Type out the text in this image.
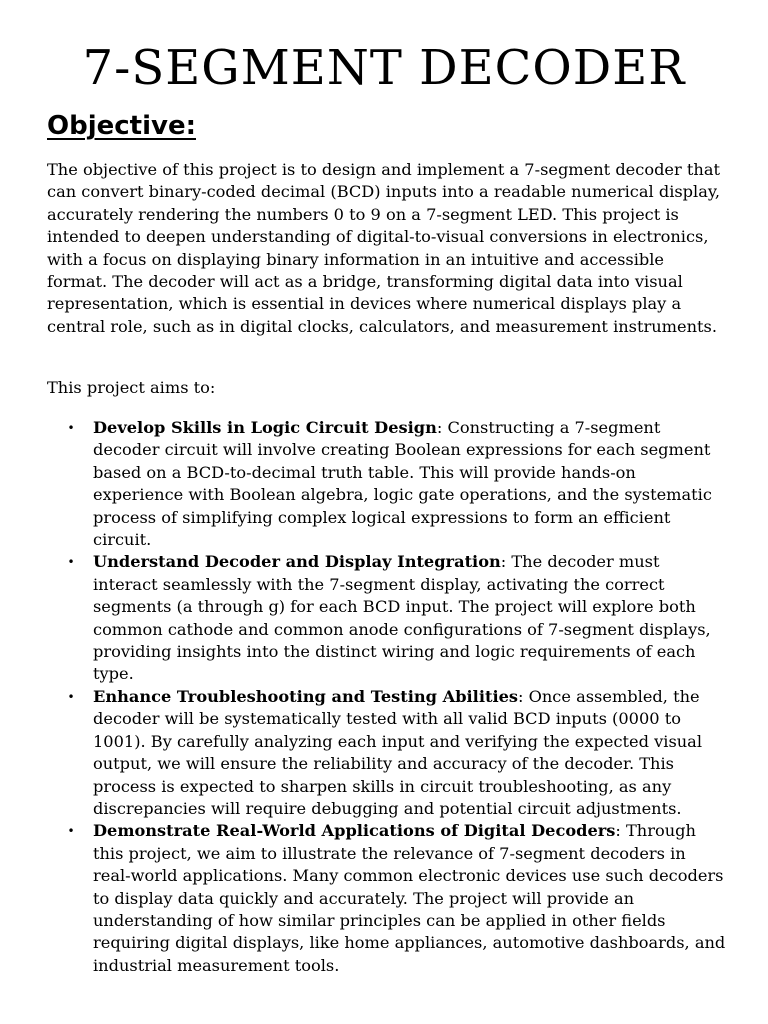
7-SEGMENT DECODER
Objective:

The objective of this project is to design and implement a 7-segment decoder that can convert binary-coded decimal (BCD) inputs into a readable numerical display, accurately rendering the numbers 0 to 9 on a 7-segment LED. This project is intended to deepen understanding of digital-to-visual conversions in electronics, with a focus on displaying binary information in an intuitive and accessible format. The decoder will act as a bridge, transforming digital data into visual representation, which is essential in devices where numerical displays play a central role, such as in digital clocks, calculators, and measurement instruments.

This project aims to:

• Develop Skills in Logic Circuit Design: Constructing a 7-segment decoder circuit will involve creating Boolean expressions for each segment based on a BCD-to-decimal truth table. This will provide hands-on experience with Boolean algebra, logic gate operations, and the systematic process of simplifying complex logical expressions to form an efficient circuit.
• Understand Decoder and Display Integration: The decoder must interact seamlessly with the 7-segment display, activating the correct segments (a through g) for each BCD input. The project will explore both common cathode and common anode configurations of 7-segment displays, providing insights into the distinct wiring and logic requirements of each type.
• Enhance Troubleshooting and Testing Abilities: Once assembled, the decoder will be systematically tested with all valid BCD inputs (0000 to 1001). By carefully analyzing each input and verifying the expected visual output, we will ensure the reliability and accuracy of the decoder. This process is expected to sharpen skills in circuit troubleshooting, as any discrepancies will require debugging and potential circuit adjustments.
• Demonstrate Real-World Applications of Digital Decoders: Through this project, we aim to illustrate the relevance of 7-segment decoders in real-world applications. Many common electronic devices use such decoders to display data quickly and accurately. The project will provide an understanding of how similar principles can be applied in other fields requiring digital displays, like home appliances, automotive dashboards, and industrial measurement tools.
